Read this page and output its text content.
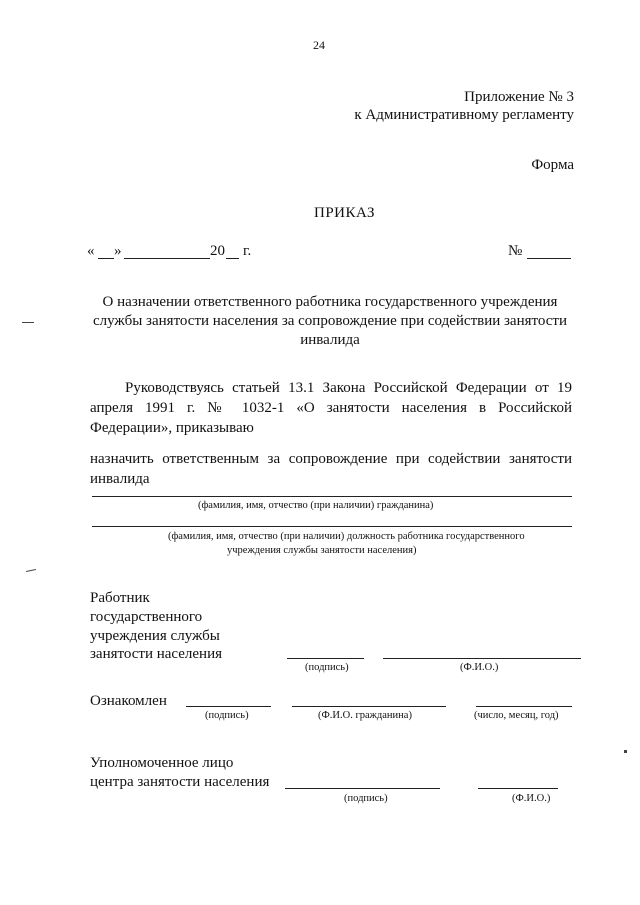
24
Приложение № 3
к Административному регламенту
Форма
ПРИКАЗ
« »	20 г.	№
О назначении ответственного работника государственного учреждения службы занятости населения за сопровождение при содействии занятости инвалида
Руководствуясь статьей 13.1 Закона Российской Федерации от 19 апреля 1991 г. № 1032-1 «О занятости населения в Российской Федерации», приказываю
назначить ответственным за сопровождение при содействии занятости инвалида
(фамилия, имя, отчество (при наличии) гражданина)
(фамилия, имя, отчество (при наличии) должность работника государственного
учреждения службы занятости населения)
Работник
государственного
учреждения службы
занятости населения
(подпись)	(Ф.И.О.)
Ознакомлен
(подпись)	(Ф.И.О. гражданина)	(число, месяц, год)
Уполномоченное лицо
центра занятости населения
(подпись)	(Ф.И.О.)
